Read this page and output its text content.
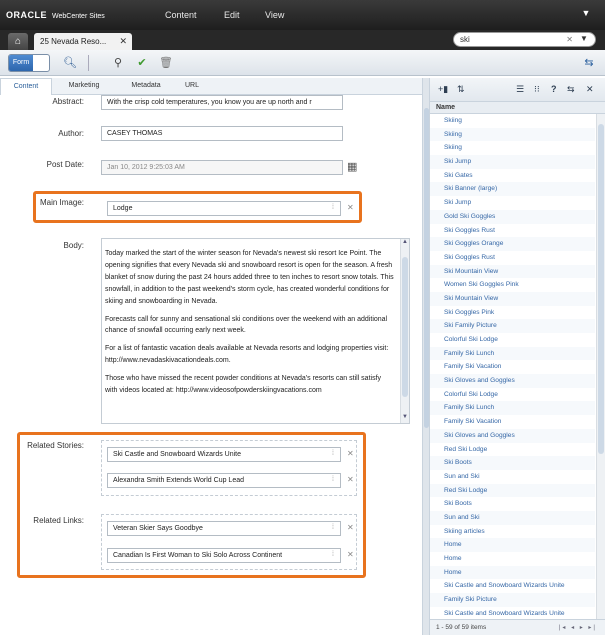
ORACLE WebCenter Sites	Content	Edit	View	▼
⌂	25 Nevada Reso... ✕	ski	✕ ▼
Form	🔍︎	⚲	✔	🗑︎	⇆
Content	Marketing	Metadata	URL
Abstract:	With the crisp cold temperatures, you know you are up north and r
Author:	CASEY THOMAS
Post Date:	Jan 10, 2012 9:25:03 AM	▦
Main Image:
Lodge	⁞ ✕
Body:

Today marked the start of the winter season for Nevada's newest ski resort Ice Point. The opening signifies that every Nevada ski and snowboard resort is open for the season. A fresh blanket of snow during the past 24 hours added three to ten inches to resort snow totals. This snowfall, in addition to the past weekend's storm cycle, has created wonderful conditions for skiing and snowboarding in Nevada.

Forecasts call for sunny and sensational ski conditions over the weekend with an additional chance of snowfall occurring early next week.

For a list of fantastic vacation deals available at Nevada resorts and lodging properties visit: http://www.nevadaskivacationdeals.com.

Those who have missed the recent powder conditions at Nevada's resorts can still satisfy with videos located at: http://www.videosofpowderskiingvacations.com

▲
▼
Related Stories:
Ski Castle and Snowboard Wizards Unite	⁞ ✕
Alexandra Smith Extends World Cup Lead	⁞ ✕
Related Links:
Veteran Skier Says Goodbye	⁞ ✕
Canadian Is First Woman to Ski Solo Across Continent	⁞ ✕
+▮ ⇅	☰ ⁝⁝ ? ⇆ ✕
Name
Skiing
Skiing
Skiing
Ski Jump
Ski Gates
Ski Banner (large)
Ski Jump
Gold Ski Goggles
Ski Goggles Rust
Ski Goggles Orange
Ski Goggles Rust
Ski Mountain View
Women Ski Goggles Pink
Ski Mountain View
Ski Goggles Pink
Ski Family Picture
Colorful Ski Lodge
Family Ski Lunch
Family Ski Vacation
Ski Gloves and Goggles
Colorful Ski Lodge
Family Ski Lunch
Family Ski Vacation
Ski Gloves and Goggles
Red Ski Lodge
Ski Boots
Sun and Ski
Red Ski Lodge
Ski Boots
Sun and Ski
Skiing articles
Home
Home
Home
Ski Castle and Snowboard Wizards Unite
Family Ski Picture
Ski Castle and Snowboard Wizards Unite
1 - 59 of 59 items	|◂ ◂ ▸ ▸|
